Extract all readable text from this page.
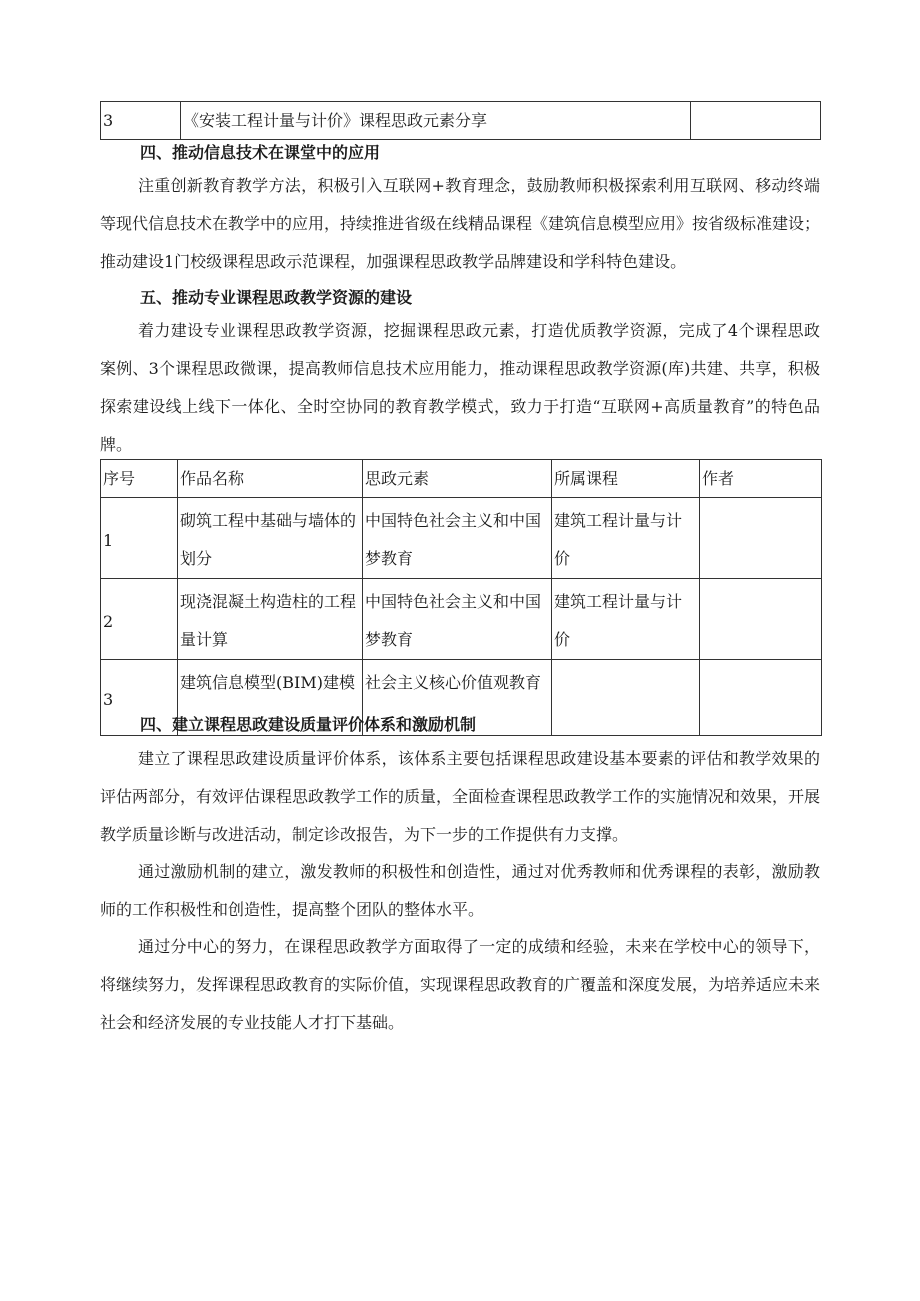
3	《安装工程计量与计价》课程思政元素分享	
四、推动信息技术在课堂中的应用

注重创新教育教学方法，积极引入互联网+教育理念，鼓励教师积极探索利用互联网、移动终端等现代信息技术在教学中的应用，持续推进省级在线精品课程《建筑信息模型应用》按省级标准建设；推动建设1门校级课程思政示范课程，加强课程思政教学品牌建设和学科特色建设。

五、推动专业课程思政教学资源的建设

着力建设专业课程思政教学资源，挖掘课程思政元素，打造优质教学资源，完成了4个课程思政案例、3个课程思政微课，提高教师信息技术应用能力，推动课程思政教学资源(库)共建、共享，积极探索建设线上线下一体化、全时空协同的教育教学模式，致力于打造“互联网+高质量教育”的特色品牌。

序号	作品名称	思政元素	所属课程	作者
1	砌筑工程中基础与墙体的划分	中国特色社会主义和中国梦教育	建筑工程计量与计价	

2	现浇混凝土构造柱的工程量计算	中国特色社会主义和中国梦教育	建筑工程计量与计价	

3	建筑信息模型(BIM)建模	社会主义核心价值观教育		

四、建立课程思政建设质量评价体系和激励机制

建立了课程思政建设质量评价体系，该体系主要包括课程思政建设基本要素的评估和教学效果的评估两部分，有效评估课程思政教学工作的质量，全面检查课程思政教学工作的实施情况和效果，开展教学质量诊断与改进活动，制定诊改报告，为下一步的工作提供有力支撑。

通过激励机制的建立，激发教师的积极性和创造性，通过对优秀教师和优秀课程的表彰，激励教师的工作积极性和创造性，提高整个团队的整体水平。

通过分中心的努力，在课程思政教学方面取得了一定的成绩和经验，未来在学校中心的领导下，将继续努力，发挥课程思政教育的实际价值，实现课程思政教育的广覆盖和深度发展，为培养适应未来社会和经济发展的专业技能人才打下基础。
